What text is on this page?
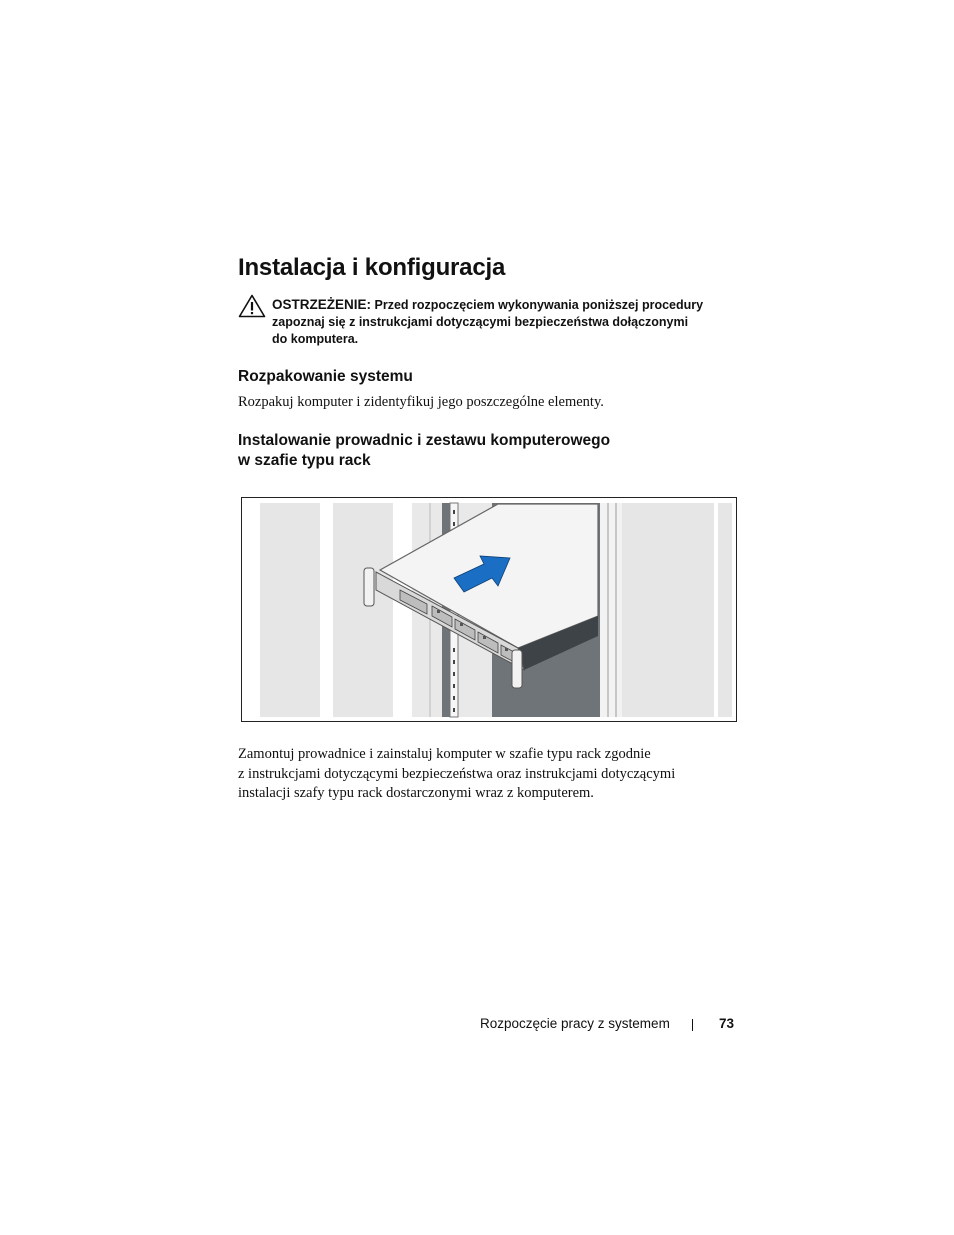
Instalacja i konfiguracja
OSTRZEŻENIE: Przed rozpoczęciem wykonywania poniższej procedury
zapoznaj się z instrukcjami dotyczącymi bezpieczeństwa dołączonymi
do komputera.
Rozpakowanie systemu
Rozpakuj komputer i zidentyfikuj jego poszczególne elementy.
Instalowanie prowadnic i zestawu komputerowego
w szafie typu rack
Zamontuj prowadnice i zainstaluj komputer w szafie typu rack zgodnie
z instrukcjami dotyczącymi bezpieczeństwa oraz instrukcjami dotyczącymi
instalacji szafy typu rack dostarczonymi wraz z komputerem.
Rozpoczęcie pracy z systemem	73
